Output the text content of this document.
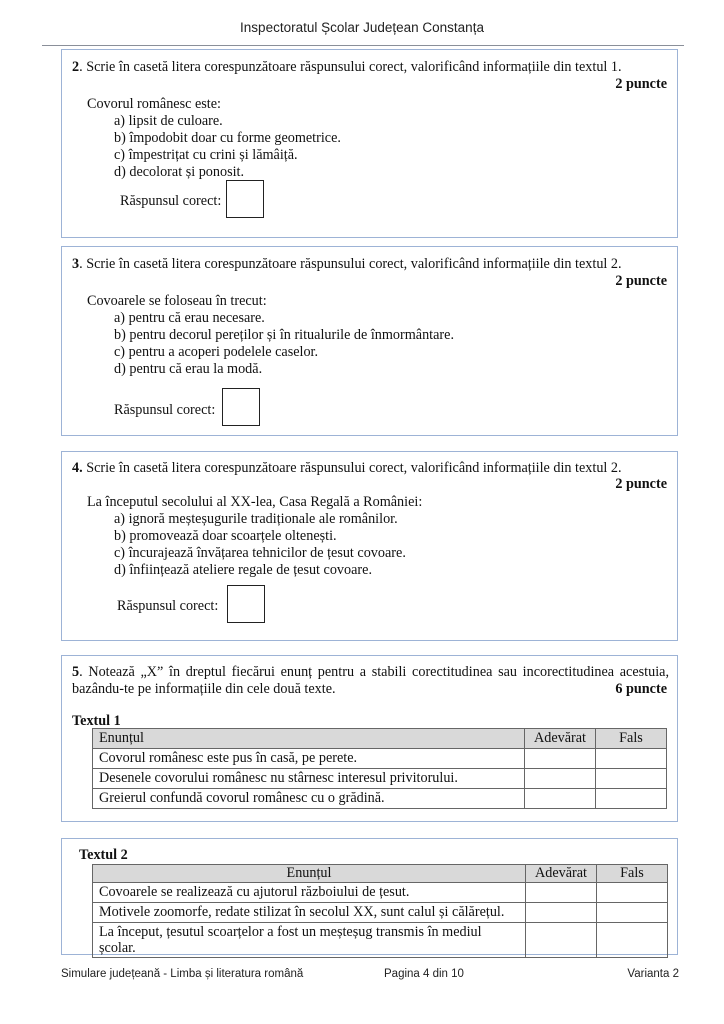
Inspectoratul Școlar Județean Constanța
2. Scrie în casetă litera corespunzătoare răspunsului corect, valorificând informațiile din textul 1.
2 puncte
Covorul românesc este:
a) lipsit de culoare.
b) împodobit doar cu forme geometrice.
c) împestrițat cu crini și lămâiță.
d) decolorat și ponosit.
Răspunsul corect:
3. Scrie în casetă litera corespunzătoare răspunsului corect, valorificând informațiile din textul 2.
2 puncte
Covoarele se foloseau în trecut:
a) pentru că erau necesare.
b) pentru decorul pereților și în ritualurile de înmormântare.
c) pentru a acoperi podelele caselor.
d) pentru că erau la modă.
Răspunsul corect:
4. Scrie în casetă litera corespunzătoare răspunsului corect, valorificând informațiile din textul 2.
2 puncte
La începutul secolului al XX-lea, Casa Regală a României:
a) ignoră meșteșugurile tradiționale ale românilor.
b) promovează doar scoarțele oltenești.
c) încurajează învățarea tehnicilor de țesut covoare.
d) înființează ateliere regale de țesut covoare.
Răspunsul corect:
5. Notează „X” în dreptul fiecărui enunț pentru a stabili corectitudinea sau incorectitudinea acestuia, bazându-te pe informațiile din cele două texte.	6 puncte
Textul 1
Enunțul	Adevărat	Fals
Covorul românesc este pus în casă, pe perete.		
Desenele covorului românesc nu stârnesc interesul privitorului.		
Greierul confundă covorul românesc cu o grădină.		
Textul 2
Enunțul	Adevărat	Fals
Covoarele se realizează cu ajutorul războiului de țesut.		
Motivele zoomorfe, redate stilizat în secolul XX, sunt calul și călărețul.		
La început, țesutul scoarțelor a fost un meșteșug transmis în mediul școlar.		
Simulare județeană - Limba și literatura română	Pagina 4 din 10	Varianta 2
